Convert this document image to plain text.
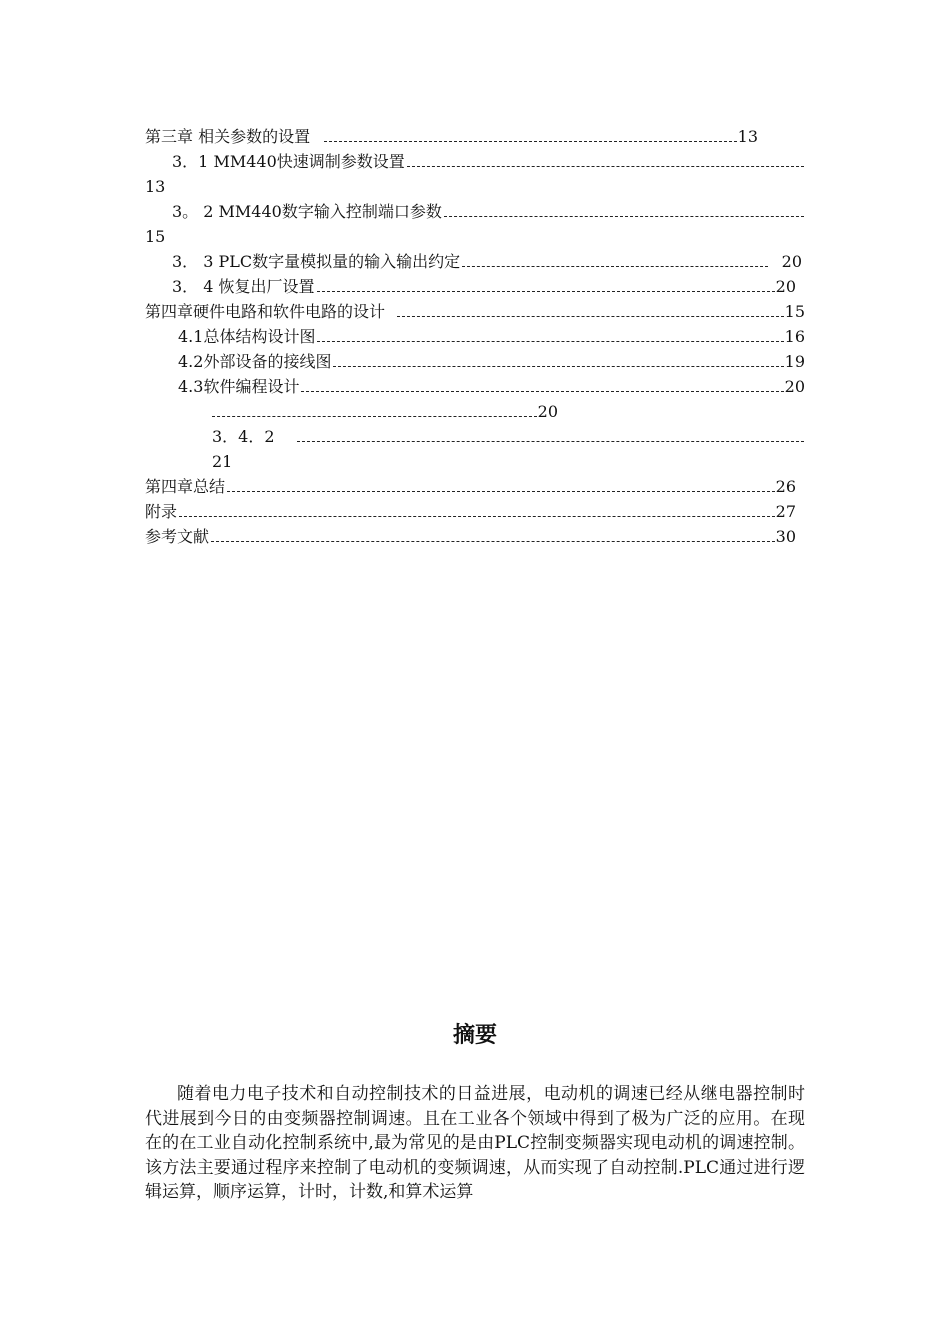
第三章 相关参数的设置	13
3．1 MM440快速调制参数设置
13
3。 2 MM440数字输入控制端口参数
15
3． 3 PLC数字量模拟量的输入输出约定	20
3． 4 恢复出厂设置	20
第四章硬件电路和软件电路的设计	15
4.1总体结构设计图	16
4.2外部设备的接线图	19
4.3软件编程设计	20
20
3．4．2
21
第四章总结	26
附录	27
参考文献	30
摘要

随着电力电子技术和自动控制技术的日益进展，电动机的调速已经从继电器控制时代进展到今日的由变频器控制调速。且在工业各个领域中得到了极为广泛的应用。在现在的在工业自动化控制系统中,最为常见的是由PLC控制变频器实现电动机的调速控制。该方法主要通过程序来控制了电动机的变频调速，从而实现了自动控制.PLC通过进行逻辑运算，顺序运算，计时，计数,和算术运算
